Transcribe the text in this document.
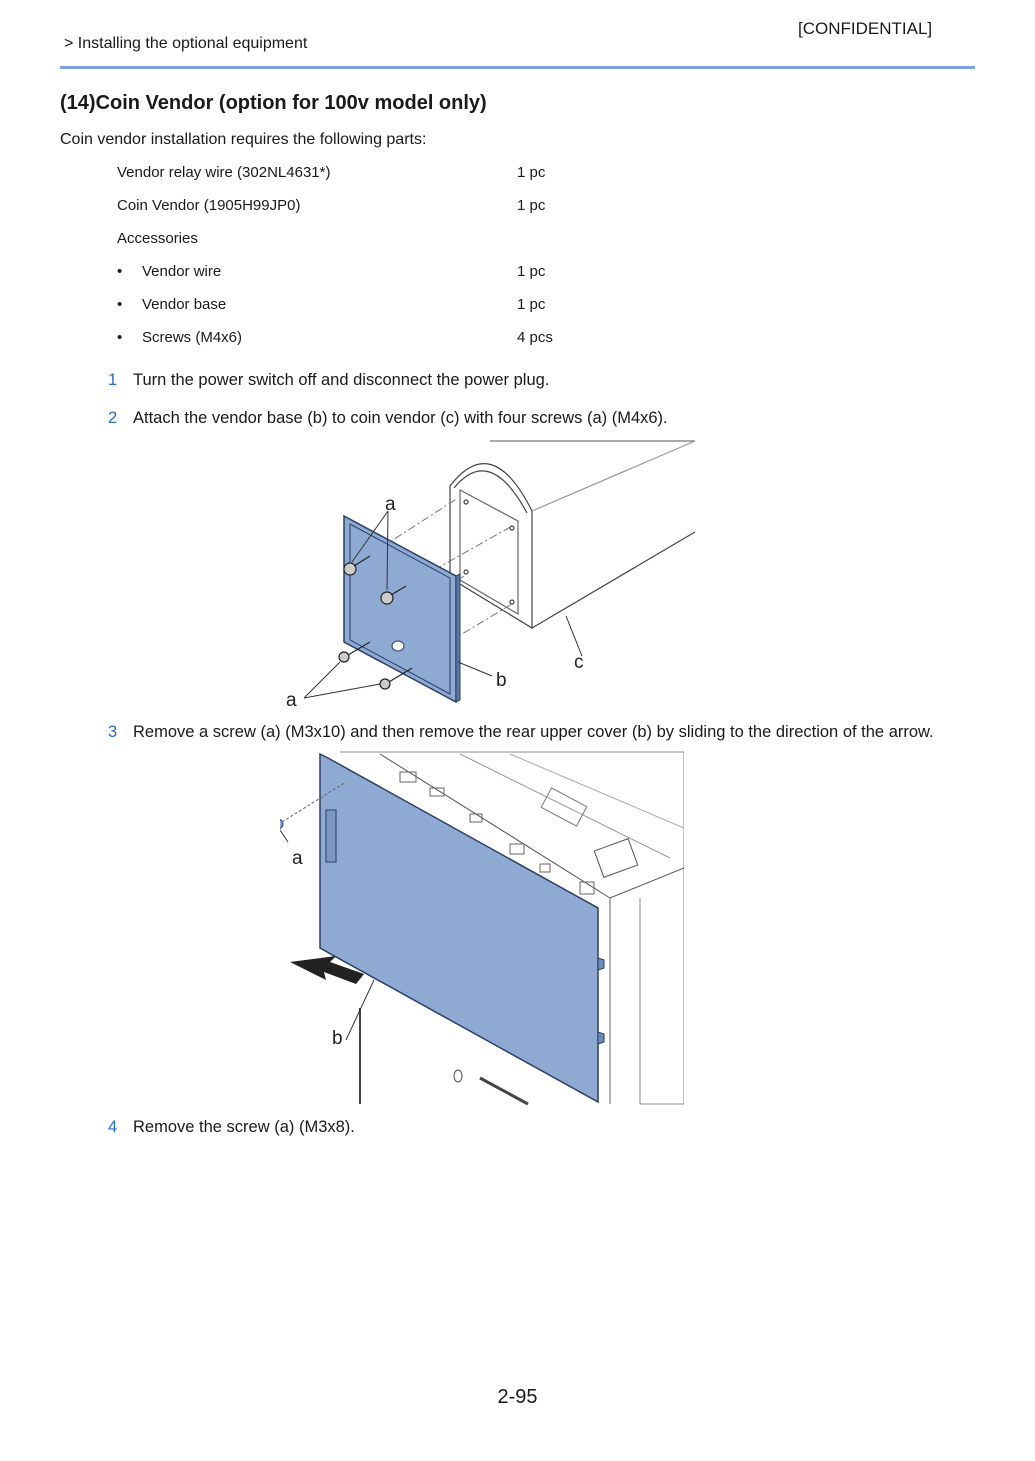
[CONFIDENTIAL]
> Installing the optional equipment
(14)Coin Vendor (option for 100v model only)
Coin vendor installation requires the following parts:
Vendor relay wire (302NL4631*)	1 pc
Coin Vendor (1905H99JP0)	1 pc
Accessories
• Vendor wire	1 pc
• Vendor base	1 pc
• Screws (M4x6)	4 pcs
1 Turn the power switch off and disconnect the power plug.
2 Attach the vendor base (b) to coin vendor (c) with four screws (a) (M4x6).
a
a
b
c
3 Remove a screw (a) (M3x10) and then remove the rear upper cover (b) by sliding to the direction of the arrow.
a
b
4 Remove the screw (a) (M3x8).
2-95
